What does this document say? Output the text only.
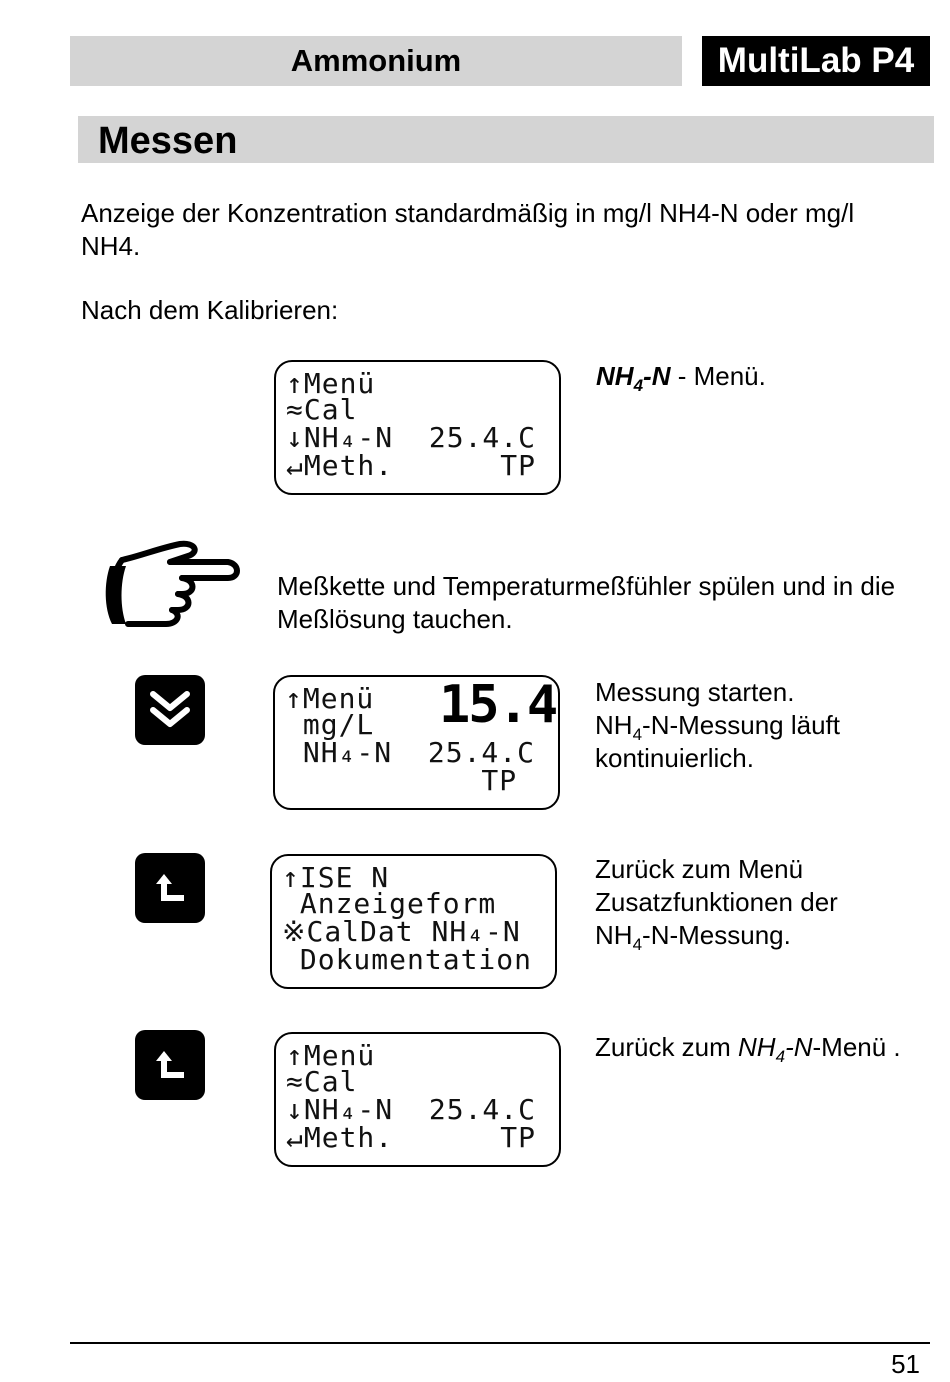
Ammonium	MultiLab P4
Messen
Anzeige der Konzentration standardmäßig in mg/l NH4-N oder mg/l NH4.
Nach dem Kalibrieren:
↑Menü
≈Cal
↓NH₄-N  25.4.C
↵Meth.      TP
$NH_4-N$ - Menü.
Meßkette und Temperaturmeßfühler spülen und in die Meßlösung tauchen.
↑Menü
mg/L
NH₄-N  25.4.C
TP
15.4 Messung starten.
$NH_4-N$-Messung läuft
kontinuierlich.
↑ISE N
Anzeigeform
※CalDat NH₄-N
Dokumentation
Zurück zum Menü
Zusatzfunktionen der
$NH_4-N$-Messung.
↑Menü
≈Cal
↓NH₄-N  25.4.C
↵Meth.      TP
Zurück zum $NH_4-N$-Menü .
51
